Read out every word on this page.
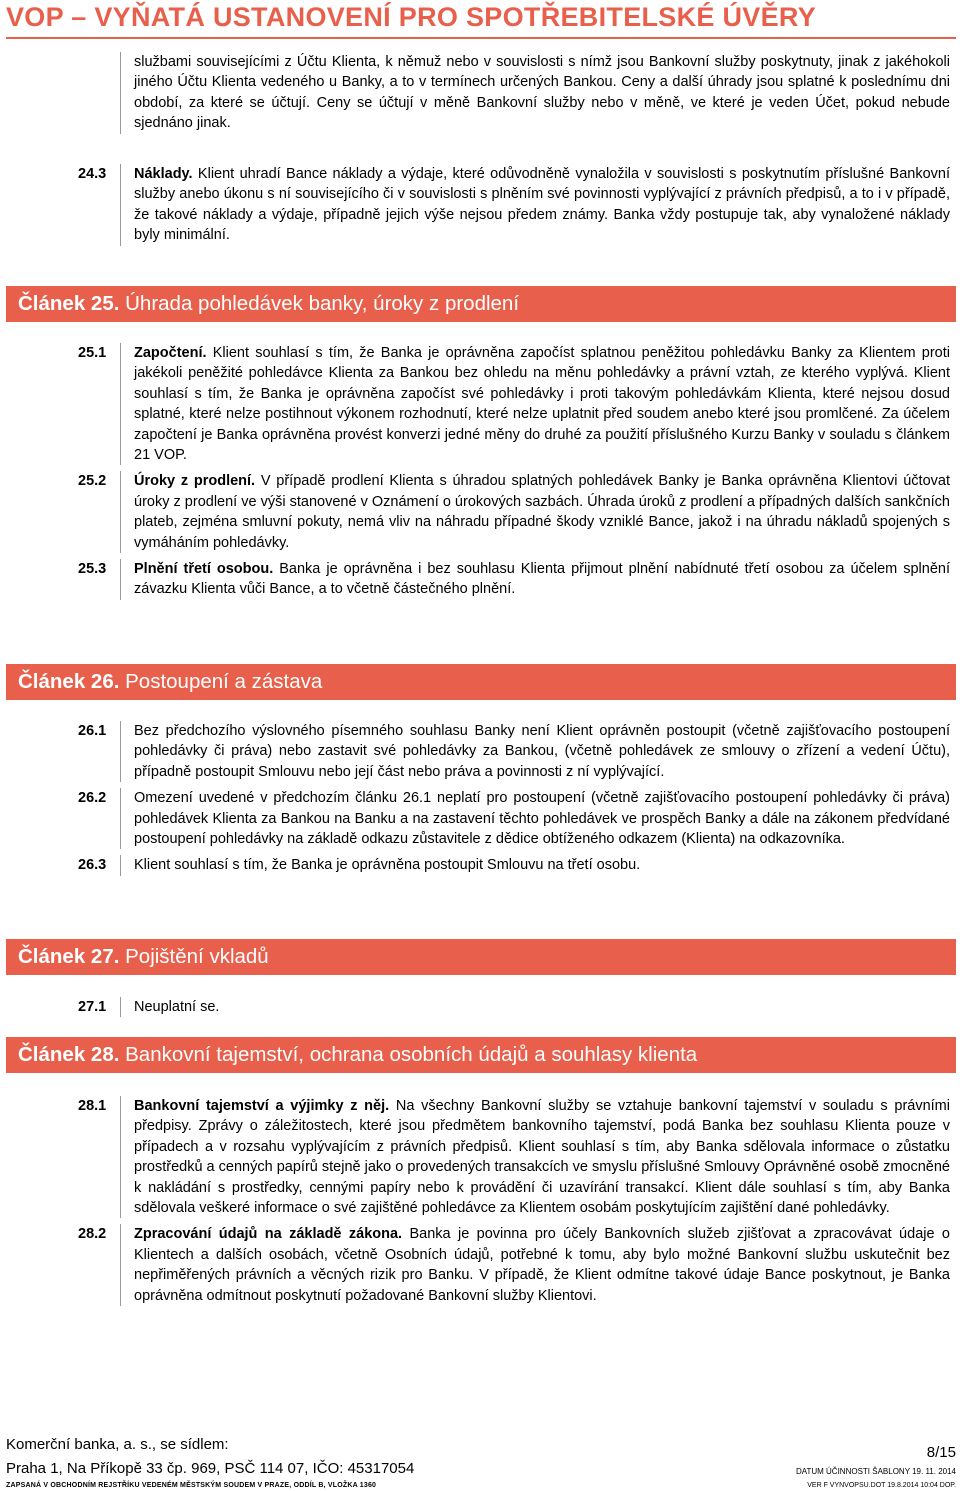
VOP – VYŇATÁ USTANOVENÍ PRO SPOTŘEBITELSKÉ ÚVĚRY
službami souvisejícími z Účtu Klienta, k němuž nebo v souvislosti s nímž jsou Bankovní služby poskytnuty, jinak z jakéhokoli jiného Účtu Klienta vedeného u Banky, a to v termínech určených Bankou. Ceny a další úhrady jsou splatné k poslednímu dni období, za které se účtují. Ceny se účtují v měně Bankovní služby nebo v měně, ve které je veden Účet, pokud nebude sjednáno jinak.
24.3	Náklady. Klient uhradí Bance náklady a výdaje, které odůvodněně vynaložila v souvislosti s poskytnutím příslušné Bankovní služby anebo úkonu s ní souvisejícího či v souvislosti s plněním své povinnosti vyplývající z právních předpisů, a to i v případě, že takové náklady a výdaje, případně jejich výše nejsou předem známy. Banka vždy postupuje tak, aby vynaložené náklady byly minimální.
Článek 25. Úhrada pohledávek banky, úroky z prodlení
25.1	Započtení. Klient souhlasí s tím, že Banka je oprávněna započíst splatnou peněžitou pohledávku Banky za Klientem proti jakékoli peněžité pohledávce Klienta za Bankou bez ohledu na měnu pohledávky a právní vztah, ze kterého vyplývá. Klient souhlasí s tím, že Banka je oprávněna započíst své pohledávky i proti takovým pohledávkám Klienta, které nejsou dosud splatné, které nelze postihnout výkonem rozhodnutí, které nelze uplatnit před soudem anebo které jsou promlčené. Za účelem započtení je Banka oprávněna provést konverzi jedné měny do druhé za použití příslušného Kurzu Banky v souladu s článkem 21 VOP.
25.2	Úroky z prodlení. V případě prodlení Klienta s úhradou splatných pohledávek Banky je Banka oprávněna Klientovi účtovat úroky z prodlení ve výši stanovené v Oznámení o úrokových sazbách. Úhrada úroků z prodlení a případných dalších sankčních plateb, zejména smluvní pokuty, nemá vliv na náhradu případné škody vzniklé Bance, jakož i na úhradu nákladů spojených s vymáháním pohledávky.
25.3	Plnění třetí osobou. Banka je oprávněna i bez souhlasu Klienta přijmout plnění nabídnuté třetí osobou za účelem splnění závazku Klienta vůči Bance, a to včetně částečného plnění.
Článek 26. Postoupení a zástava
26.1	Bez předchozího výslovného písemného souhlasu Banky není Klient oprávněn postoupit (včetně zajišťovacího postoupení pohledávky či práva) nebo zastavit své pohledávky za Bankou, (včetně pohledávek ze smlouvy o zřízení a vedení Účtu), případně postoupit Smlouvu nebo její část nebo práva a povinnosti z ní vyplývající.
26.2	Omezení uvedené v předchozím článku 26.1 neplatí pro postoupení (včetně zajišťovacího postoupení pohledávky či práva) pohledávek Klienta za Bankou na Banku a na zastavení těchto pohledávek ve prospěch Banky a dále na zákonem předvídané postoupení pohledávky na základě odkazu zůstavitele z dědice obtíženého odkazem (Klienta) na odkazovníka.
26.3	Klient souhlasí s tím, že Banka je oprávněna postoupit Smlouvu na třetí osobu.
Článek 27. Pojištění vkladů
27.1	Neuplatní se.
Článek 28. Bankovní tajemství, ochrana osobních údajů a souhlasy klienta
28.1	Bankovní tajemství a výjimky z něj. Na všechny Bankovní služby se vztahuje bankovní tajemství v souladu s právními předpisy. Zprávy o záležitostech, které jsou předmětem bankovního tajemství, podá Banka bez souhlasu Klienta pouze v případech a v rozsahu vyplývajícím z právních předpisů. Klient souhlasí s tím, aby Banka sdělovala informace o zůstatku prostředků a cenných papírů stejně jako o provedených transakcích ve smyslu příslušné Smlouvy Oprávněné osobě zmocněné k nakládání s prostředky, cennými papíry nebo k provádění či uzavírání transakcí. Klient dále souhlasí s tím, aby Banka sdělovala veškeré informace o své zajištěné pohledávce za Klientem osobám poskytujícím zajištění dané pohledávky.
28.2	Zpracování údajů na základě zákona. Banka je povinna pro účely Bankovních služeb zjišťovat a zpracovávat údaje o Klientech a dalších osobách, včetně Osobních údajů, potřebné k tomu, aby bylo možné Bankovní službu uskutečnit bez nepřiměřených právních a věcných rizik pro Banku. V případě, že Klient odmítne takové údaje Bance poskytnout, je Banka oprávněna odmítnout poskytnutí požadované Bankovní služby Klientovi.
Komerční banka, a. s., se sídlem:
Praha 1, Na Příkopě 33 čp. 969, PSČ 114 07, IČO: 45317054
ZAPSANÁ V OBCHODNÍM REJSTŘÍKU VEDENÉM MĚSTSKÝM SOUDEM V PRAZE, ODDÍL B, VLOŽKA 1360
8/15
DATUM ÚČINNOSTI ŠABLONY 19. 11. 2014
VER F VYNVOPSU.DOT 19.8.2014 10:04 DOP.
